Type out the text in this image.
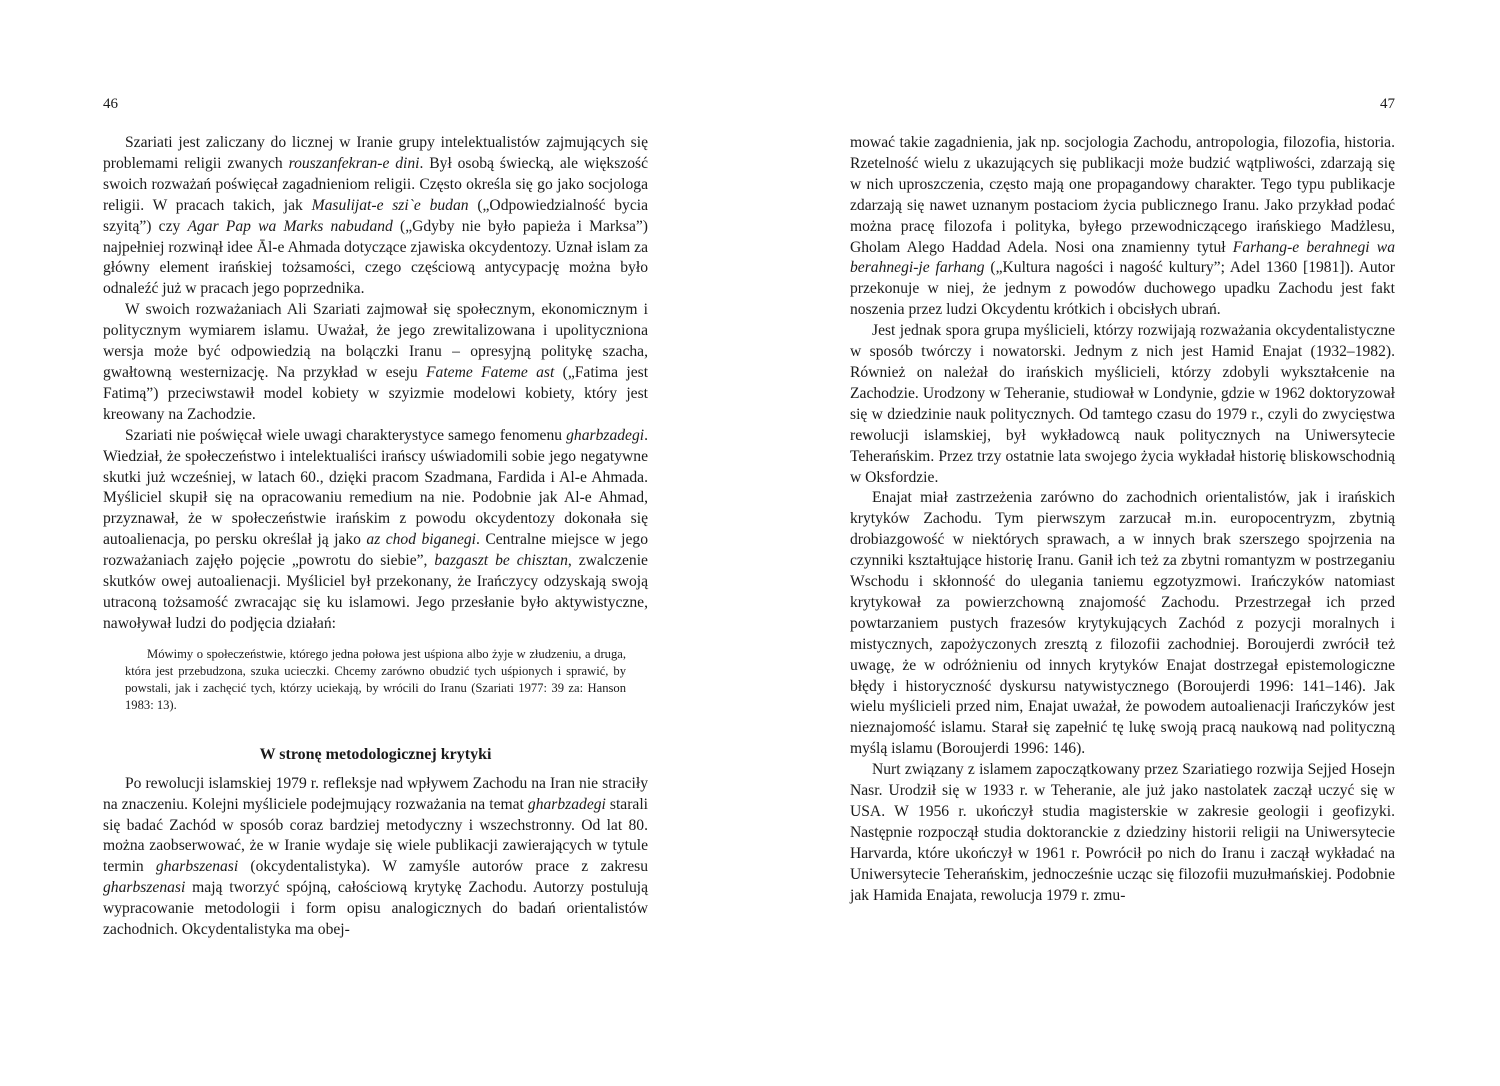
46

Szariati jest zaliczany do licznej w Iranie grupy intelektualistów zajmujących się problemami religii zwanych rouszanfekran-e dini. Był osobą świecką, ale większość swoich rozważań poświęcał zagadnieniom religii. Często określa się go jako socjologa religii. W pracach takich, jak Masulijat-e szi`e budan („Odpowiedzialność bycia szyitą”) czy Agar Pap wa Marks nabudand („Gdyby nie było papieża i Marksa”) najpełniej rozwinął idee Āl-e Ahmada dotyczące zjawiska okcydentozy. Uznał islam za główny element irańskiej tożsamości, czego częściową antycypację można było odnaleźć już w pracach jego poprzednika.

W swoich rozważaniach Ali Szariati zajmował się społecznym, ekonomicznym i politycznym wymiarem islamu. Uważał, że jego zrewitalizowana i upolityczniona wersja może być odpowiedzią na bolączki Iranu – opresyjną politykę szacha, gwałtowną westernizację. Na przykład w eseju Fateme Fateme ast („Fatima jest Fatimą”) przeciwstawił model kobiety w szyizmie modelowi kobiety, który jest kreowany na Zachodzie.

Szariati nie poświęcał wiele uwagi charakterystyce samego fenomenu gharbzadegi. Wiedział, że społeczeństwo i intelektualiści irańscy uświadomili sobie jego negatywne skutki już wcześniej, w latach 60., dzięki pracom Szadmana, Fardida i Al-e Ahmada. Myśliciel skupił się na opracowaniu remedium na nie. Podobnie jak Al-e Ahmad, przyznawał, że w społeczeństwie irańskim z powodu okcydentozy dokonała się autoalienacja, po persku określał ją jako az chod biganegi. Centralne miejsce w jego rozważaniach zajęło pojęcie „powrotu do siebie”, bazgaszt be chisztan, zwalczenie skutków owej autoalienacji. Myśliciel był przekonany, że Irańczycy odzyskają swoją utraconą tożsamość zwracając się ku islamowi. Jego przesłanie było aktywistyczne, nawoływał ludzi do podjęcia działań:

Mówimy o społeczeństwie, którego jedna połowa jest uśpiona albo żyje w złudzeniu, a druga, która jest przebudzona, szuka ucieczki. Chcemy zarówno obudzić tych uśpionych i sprawić, by powstali, jak i zachęcić tych, którzy uciekają, by wrócili do Iranu (Szariati 1977: 39 za: Hanson 1983: 13).

W stronę metodologicznej krytyki

Po rewolucji islamskiej 1979 r. refleksje nad wpływem Zachodu na Iran nie straciły na znaczeniu. Kolejni myśliciele podejmujący rozważania na temat gharbzadegi starali się badać Zachód w sposób coraz bardziej metodyczny i wszechstronny. Od lat 80. można zaobserwować, że w Iranie wydaje się wiele publikacji zawierających w tytule termin gharbszenasi (okcydentalistyka). W zamyśle autorów prace z zakresu gharbszenasi mają tworzyć spójną, całościową krytykę Zachodu. Autorzy postulują wypracowanie metodologii i form opisu analogicznych do badań orientalistów zachodnich. Okcydentalistyka ma obej-

47

mować takie zagadnienia, jak np. socjologia Zachodu, antropologia, filozofia, historia. Rzetelność wielu z ukazujących się publikacji może budzić wątpliwości, zdarzają się w nich uproszczenia, często mają one propagandowy charakter. Tego typu publikacje zdarzają się nawet uznanym postaciom życia publicznego Iranu. Jako przykład podać można pracę filozofa i polityka, byłego przewodniczącego irańskiego Madżlesu, Gholam Alego Haddad Adela. Nosi ona znamienny tytuł Farhang-e berahnegi wa berahnegi-je farhang („Kultura nagości i nagość kultury”; Adel 1360 [1981]). Autor przekonuje w niej, że jednym z powodów duchowego upadku Zachodu jest fakt noszenia przez ludzi Okcydentu krótkich i obcisłych ubrań.

Jest jednak spora grupa myślicieli, którzy rozwijają rozważania okcydentalistyczne w sposób twórczy i nowatorski. Jednym z nich jest Hamid Enajat (1932–1982). Również on należał do irańskich myślicieli, którzy zdobyli wykształcenie na Zachodzie. Urodzony w Teheranie, studiował w Londynie, gdzie w 1962 doktoryzował się w dziedzinie nauk politycznych. Od tamtego czasu do 1979 r., czyli do zwycięstwa rewolucji islamskiej, był wykładowcą nauk politycznych na Uniwersytecie Teherańskim. Przez trzy ostatnie lata swojego życia wykładał historię bliskowschodnią w Oksfordzie.

Enajat miał zastrzeżenia zarówno do zachodnich orientalistów, jak i irańskich krytyków Zachodu. Tym pierwszym zarzucał m.in. europocentryzm, zbytnią drobiazgowość w niektórych sprawach, a w innych brak szerszego spojrzenia na czynniki kształtujące historię Iranu. Ganił ich też za zbytni romantyzm w postrzeganiu Wschodu i skłonność do ulegania taniemu egzotyzmowi. Irańczyków natomiast krytykował za powierzchowną znajomość Zachodu. Przestrzegał ich przed powtarzaniem pustych frazesów krytykujących Zachód z pozycji moralnych i mistycznych, zapożyczonych zresztą z filozofii zachodniej. Boroujerdi zwrócił też uwagę, że w odróżnieniu od innych krytyków Enajat dostrzegał epistemologiczne błędy i historyczność dyskursu natywistycznego (Boroujerdi 1996: 141–146). Jak wielu myślicieli przed nim, Enajat uważał, że powodem autoalienacji Irańczyków jest nieznajomość islamu. Starał się zapełnić tę lukę swoją pracą naukową nad polityczną myślą islamu (Boroujerdi 1996: 146).

Nurt związany z islamem zapoczątkowany przez Szariatiego rozwija Sejjed Hosejn Nasr. Urodził się w 1933 r. w Teheranie, ale już jako nastolatek zaczął uczyć się w USA. W 1956 r. ukończył studia magisterskie w zakresie geologii i geofizyki. Następnie rozpoczął studia doktoranckie z dziedziny historii religii na Uniwersytecie Harvarda, które ukończył w 1961 r. Powrócił po nich do Iranu i zaczął wykładać na Uniwersytecie Teherańskim, jednocześnie ucząc się filozofii muzułmańskiej. Podobnie jak Hamida Enajata, rewolucja 1979 r. zmu-
